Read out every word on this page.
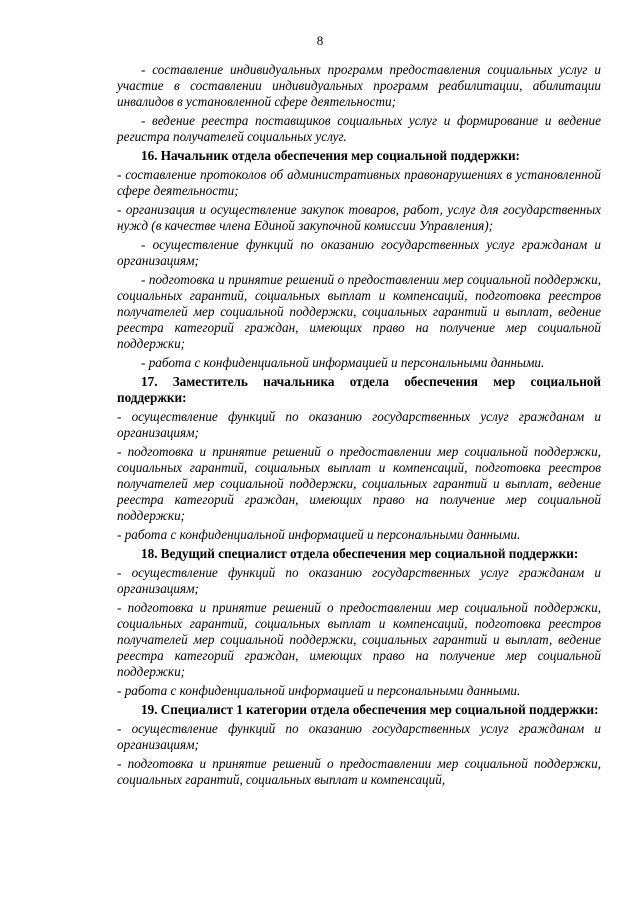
8
- составление индивидуальных программ предоставления социальных услуг и участие в составлении индивидуальных программ реабилитации, абилитации инвалидов в установленной сфере деятельности;
- ведение реестра поставщиков социальных услуг и формирование и ведение регистра получателей социальных услуг.
16. Начальник отдела обеспечения мер социальной поддержки:
- составление протоколов об административных правонарушениях в установленной сфере деятельности;
- организация и осуществление закупок товаров, работ, услуг для государственных нужд (в качестве члена Единой закупочной комиссии Управления);
- осуществление функций по оказанию государственных услуг гражданам и организациям;
- подготовка и принятие решений о предоставлении мер социальной поддержки, социальных гарантий, социальных выплат и компенсаций, подготовка реестров получателей мер социальной поддержки, социальных гарантий и выплат, ведение реестра категорий граждан, имеющих право на получение мер социальной поддержки;
- работа с конфиденциальной информацией и персональными данными.
17. Заместитель начальника отдела обеспечения мер социальной поддержки:
- осуществление функций по оказанию государственных услуг гражданам и организациям;
- подготовка и принятие решений о предоставлении мер социальной поддержки, социальных гарантий, социальных выплат и компенсаций, подготовка реестров получателей мер социальной поддержки, социальных гарантий и выплат, ведение реестра категорий граждан, имеющих право на получение мер социальной поддержки;
- работа с конфиденциальной информацией и персональными данными.
18. Ведущий специалист отдела обеспечения мер социальной поддержки:
- осуществление функций по оказанию государственных услуг гражданам и организациям;
- подготовка и принятие решений о предоставлении мер социальной поддержки, социальных гарантий, социальных выплат и компенсаций, подготовка реестров получателей мер социальной поддержки, социальных гарантий и выплат, ведение реестра категорий граждан, имеющих право на получение мер социальной поддержки;
- работа с конфиденциальной информацией и персональными данными.
19. Специалист 1 категории отдела обеспечения мер социальной поддержки:
- осуществление функций по оказанию государственных услуг гражданам и организациям;
- подготовка и принятие решений о предоставлении мер социальной поддержки, социальных гарантий, социальных выплат и компенсаций,
